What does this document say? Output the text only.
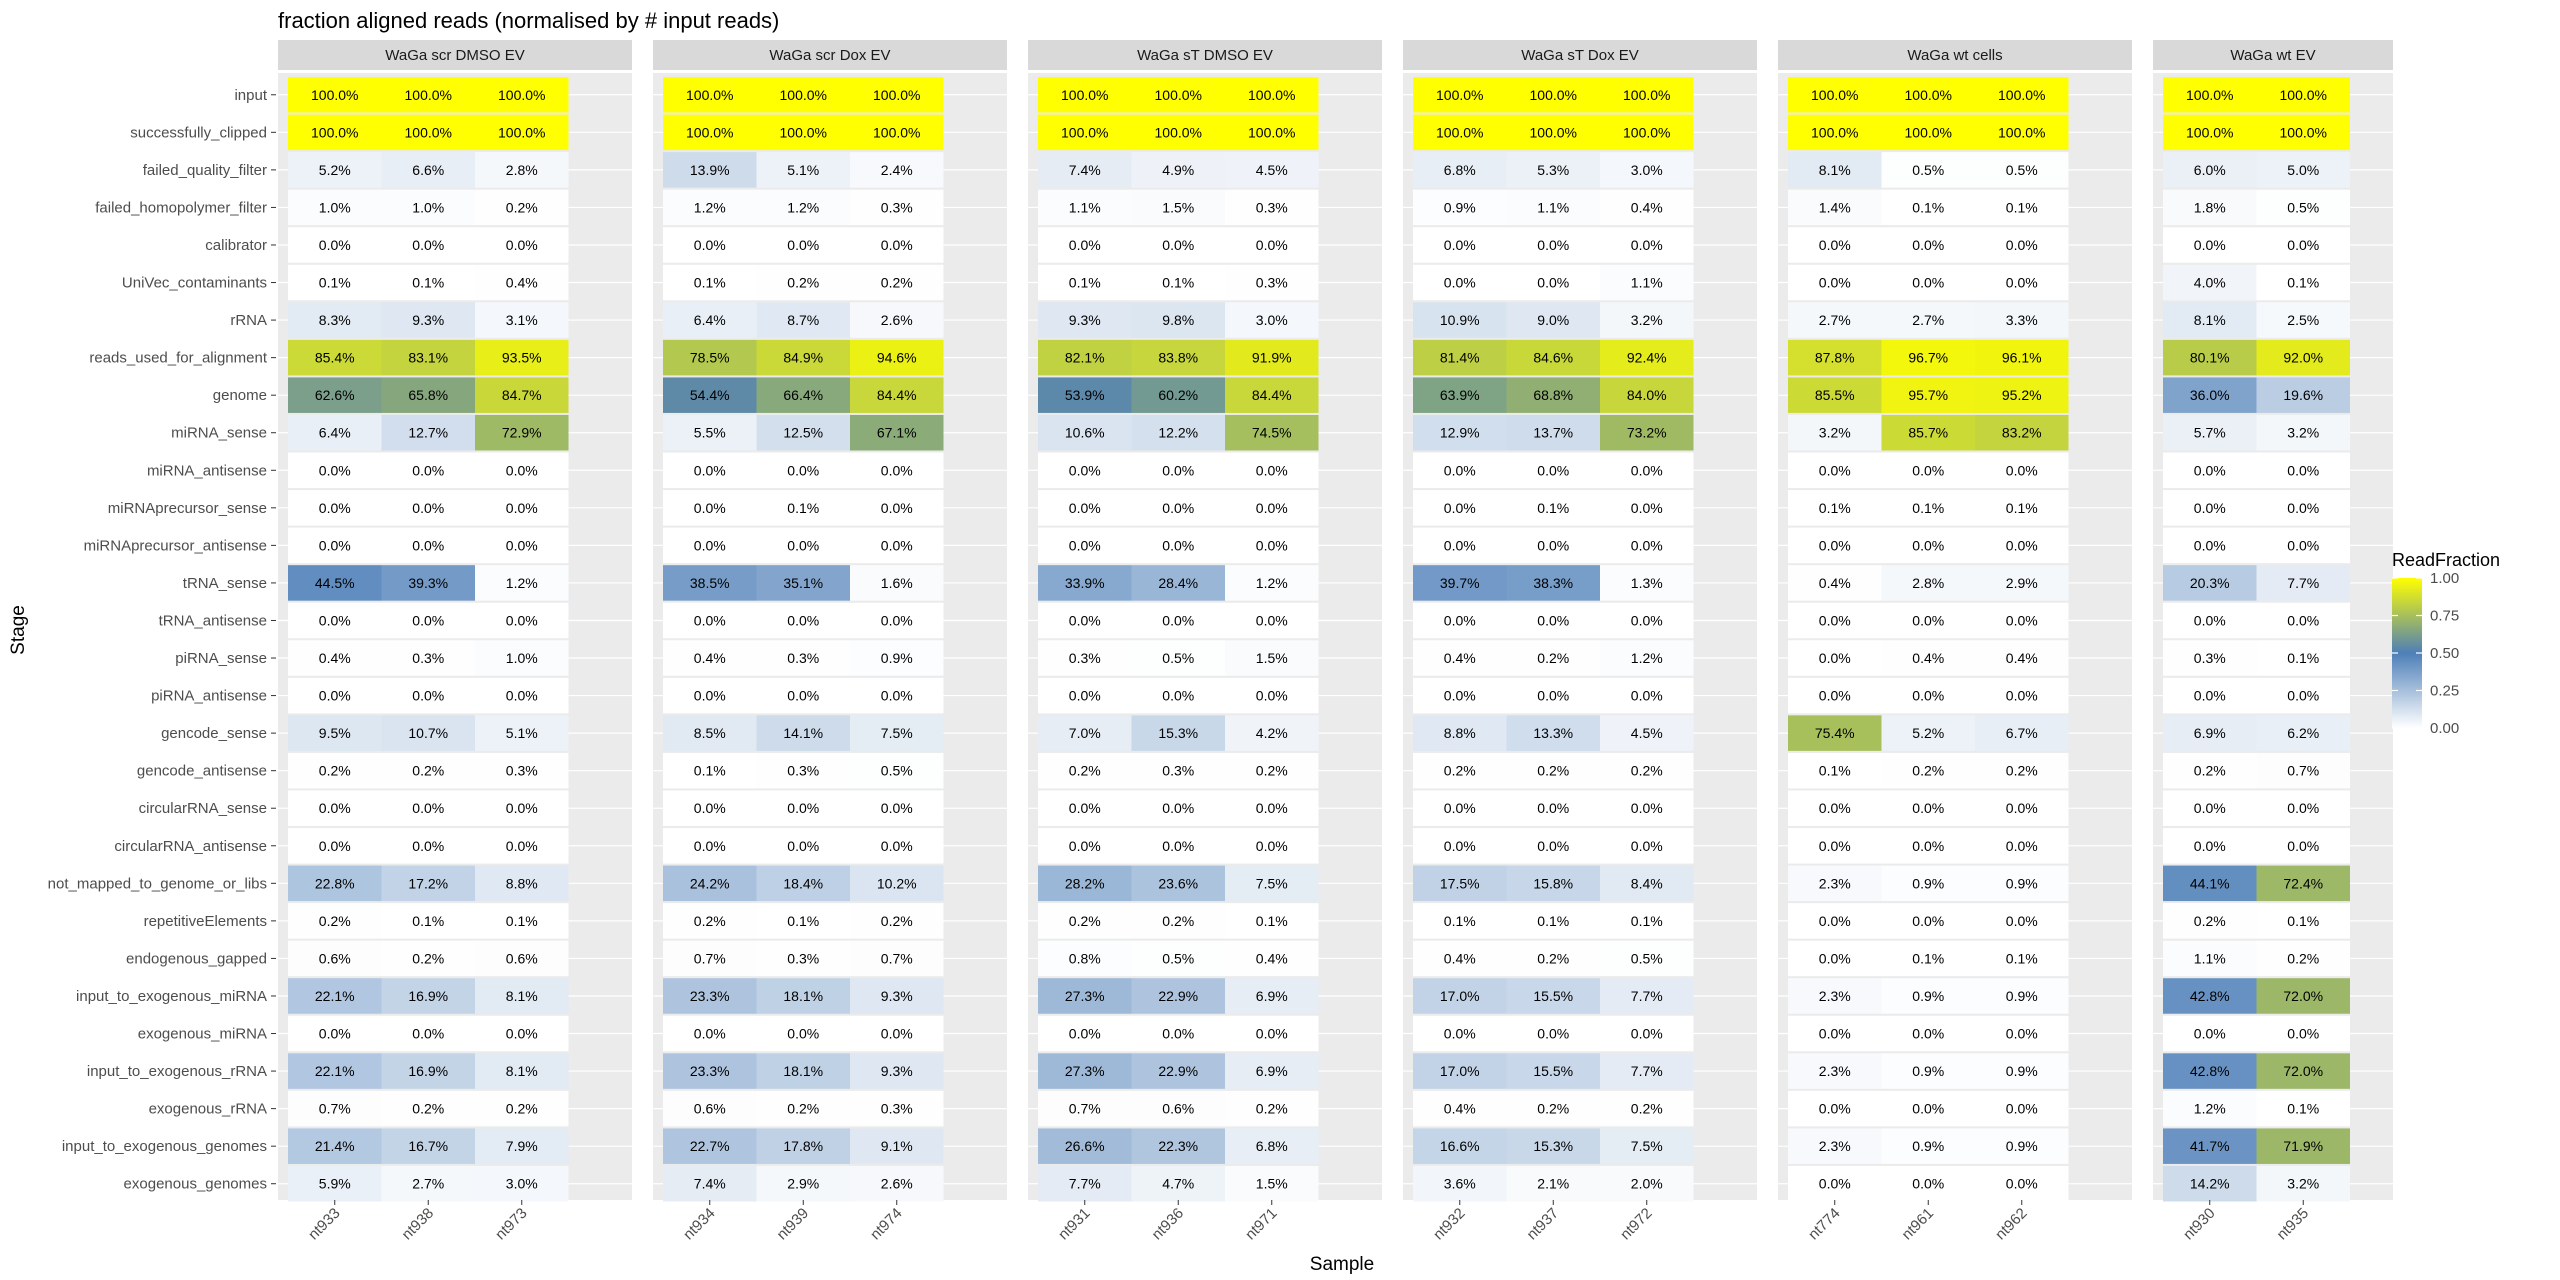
fraction aligned reads (normalised by # input reads)
Sample
Stage
WaGa scr DMSO EV
100.0%
100.0%
5.2%
1.0%
0.0%
0.1%
8.3%
85.4%
62.6%
6.4%
0.0%
0.0%
0.0%
44.5%
0.0%
0.4%
0.0%
9.5%
0.2%
0.0%
0.0%
22.8%
0.2%
0.6%
22.1%
0.0%
22.1%
0.7%
21.4%
5.9%
nt933
100.0%
100.0%
6.6%
1.0%
0.0%
0.1%
9.3%
83.1%
65.8%
12.7%
0.0%
0.0%
0.0%
39.3%
0.0%
0.3%
0.0%
10.7%
0.2%
0.0%
0.0%
17.2%
0.1%
0.2%
16.9%
0.0%
16.9%
0.2%
16.7%
2.7%
nt938
100.0%
100.0%
2.8%
0.2%
0.0%
0.4%
3.1%
93.5%
84.7%
72.9%
0.0%
0.0%
0.0%
1.2%
0.0%
1.0%
0.0%
5.1%
0.3%
0.0%
0.0%
8.8%
0.1%
0.6%
8.1%
0.0%
8.1%
0.2%
7.9%
3.0%
nt973
WaGa scr Dox EV
100.0%
100.0%
13.9%
1.2%
0.0%
0.1%
6.4%
78.5%
54.4%
5.5%
0.0%
0.0%
0.0%
38.5%
0.0%
0.4%
0.0%
8.5%
0.1%
0.0%
0.0%
24.2%
0.2%
0.7%
23.3%
0.0%
23.3%
0.6%
22.7%
7.4%
nt934
100.0%
100.0%
5.1%
1.2%
0.0%
0.2%
8.7%
84.9%
66.4%
12.5%
0.0%
0.1%
0.0%
35.1%
0.0%
0.3%
0.0%
14.1%
0.3%
0.0%
0.0%
18.4%
0.1%
0.3%
18.1%
0.0%
18.1%
0.2%
17.8%
2.9%
nt939
100.0%
100.0%
2.4%
0.3%
0.0%
0.2%
2.6%
94.6%
84.4%
67.1%
0.0%
0.0%
0.0%
1.6%
0.0%
0.9%
0.0%
7.5%
0.5%
0.0%
0.0%
10.2%
0.2%
0.7%
9.3%
0.0%
9.3%
0.3%
9.1%
2.6%
nt974
WaGa sT DMSO EV
100.0%
100.0%
7.4%
1.1%
0.0%
0.1%
9.3%
82.1%
53.9%
10.6%
0.0%
0.0%
0.0%
33.9%
0.0%
0.3%
0.0%
7.0%
0.2%
0.0%
0.0%
28.2%
0.2%
0.8%
27.3%
0.0%
27.3%
0.7%
26.6%
7.7%
nt931
100.0%
100.0%
4.9%
1.5%
0.0%
0.1%
9.8%
83.8%
60.2%
12.2%
0.0%
0.0%
0.0%
28.4%
0.0%
0.5%
0.0%
15.3%
0.3%
0.0%
0.0%
23.6%
0.2%
0.5%
22.9%
0.0%
22.9%
0.6%
22.3%
4.7%
nt936
100.0%
100.0%
4.5%
0.3%
0.0%
0.3%
3.0%
91.9%
84.4%
74.5%
0.0%
0.0%
0.0%
1.2%
0.0%
1.5%
0.0%
4.2%
0.2%
0.0%
0.0%
7.5%
0.1%
0.4%
6.9%
0.0%
6.9%
0.2%
6.8%
1.5%
nt971
WaGa sT Dox EV
100.0%
100.0%
6.8%
0.9%
0.0%
0.0%
10.9%
81.4%
63.9%
12.9%
0.0%
0.0%
0.0%
39.7%
0.0%
0.4%
0.0%
8.8%
0.2%
0.0%
0.0%
17.5%
0.1%
0.4%
17.0%
0.0%
17.0%
0.4%
16.6%
3.6%
nt932
100.0%
100.0%
5.3%
1.1%
0.0%
0.0%
9.0%
84.6%
68.8%
13.7%
0.0%
0.1%
0.0%
38.3%
0.0%
0.2%
0.0%
13.3%
0.2%
0.0%
0.0%
15.8%
0.1%
0.2%
15.5%
0.0%
15.5%
0.2%
15.3%
2.1%
nt937
100.0%
100.0%
3.0%
0.4%
0.0%
1.1%
3.2%
92.4%
84.0%
73.2%
0.0%
0.0%
0.0%
1.3%
0.0%
1.2%
0.0%
4.5%
0.2%
0.0%
0.0%
8.4%
0.1%
0.5%
7.7%
0.0%
7.7%
0.2%
7.5%
2.0%
nt972
WaGa wt cells
100.0%
100.0%
8.1%
1.4%
0.0%
0.0%
2.7%
87.8%
85.5%
3.2%
0.0%
0.1%
0.0%
0.4%
0.0%
0.0%
0.0%
75.4%
0.1%
0.0%
0.0%
2.3%
0.0%
0.0%
2.3%
0.0%
2.3%
0.0%
2.3%
0.0%
nt774
100.0%
100.0%
0.5%
0.1%
0.0%
0.0%
2.7%
96.7%
95.7%
85.7%
0.0%
0.1%
0.0%
2.8%
0.0%
0.4%
0.0%
5.2%
0.2%
0.0%
0.0%
0.9%
0.0%
0.1%
0.9%
0.0%
0.9%
0.0%
0.9%
0.0%
nt961
100.0%
100.0%
0.5%
0.1%
0.0%
0.0%
3.3%
96.1%
95.2%
83.2%
0.0%
0.1%
0.0%
2.9%
0.0%
0.4%
0.0%
6.7%
0.2%
0.0%
0.0%
0.9%
0.0%
0.1%
0.9%
0.0%
0.9%
0.0%
0.9%
0.0%
nt962
WaGa wt EV
100.0%
100.0%
6.0%
1.8%
0.0%
4.0%
8.1%
80.1%
36.0%
5.7%
0.0%
0.0%
0.0%
20.3%
0.0%
0.3%
0.0%
6.9%
0.2%
0.0%
0.0%
44.1%
0.2%
1.1%
42.8%
0.0%
42.8%
1.2%
41.7%
14.2%
nt930
100.0%
100.0%
5.0%
0.5%
0.0%
0.1%
2.5%
92.0%
19.6%
3.2%
0.0%
0.0%
0.0%
7.7%
0.0%
0.1%
0.0%
6.2%
0.7%
0.0%
0.0%
72.4%
0.1%
0.2%
72.0%
0.0%
72.0%
0.1%
71.9%
3.2%
nt935
input
successfully_clipped
failed_quality_filter
failed_homopolymer_filter
calibrator
UniVec_contaminants
rRNA
reads_used_for_alignment
genome
miRNA_sense
miRNA_antisense
miRNAprecursor_sense
miRNAprecursor_antisense
tRNA_sense
tRNA_antisense
piRNA_sense
piRNA_antisense
gencode_sense
gencode_antisense
circularRNA_sense
circularRNA_antisense
not_mapped_to_genome_or_libs
repetitiveElements
endogenous_gapped
input_to_exogenous_miRNA
exogenous_miRNA
input_to_exogenous_rRNA
exogenous_rRNA
input_to_exogenous_genomes
exogenous_genomes
ReadFraction
0.00
0.25
0.50
0.75
1.00
